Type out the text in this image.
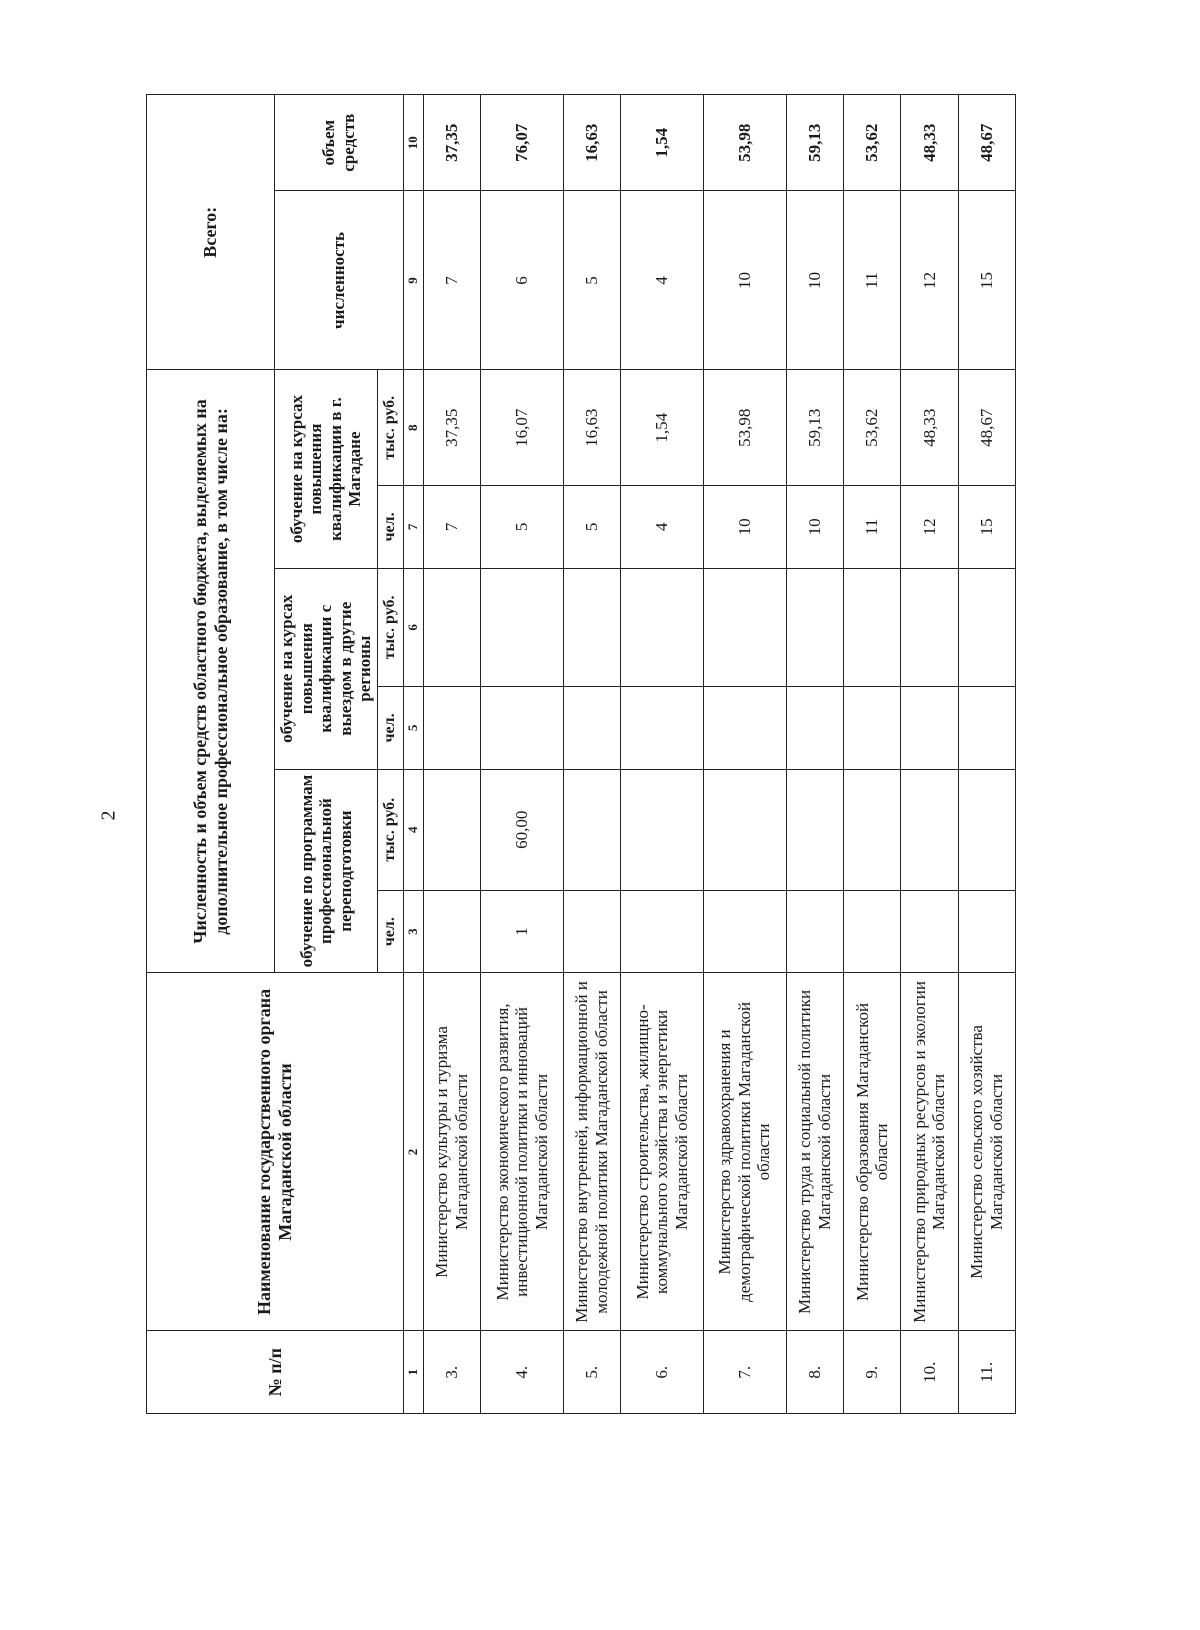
2
№ п/п	Наименование государственного органа Магаданской области	Численность и объем средств областного бюджета, выделяемых на дополнительное профессиональное образование, в том числе на:						Всего:	
		обучение по программам профессиональной переподготовки		обучение на курсах повышения квалификации с выездом в другие регионы		обучение на курсах повышения квалификации в г. Магадане		численность	объем средств
		чел.	тыс. руб.	чел.	тыс. руб.	чел.	тыс. руб.		
1	2	3	4	5	6	7	8	9	10
3.	Министерство культуры и туризма Магаданской области					7	37,35	7	37,35
4.	Министерство экономического развития, инвестиционной политики и инноваций Магаданской области	1	60,00			5	16,07	6	76,07
5.	Министерство внутренней, информационной и молодежной политики Магаданской области					5	16,63	5	16,63
6.	Министерство строительства, жилищно-коммунального хозяйства и энергетики Магаданской области					4	1,54	4	1,54
7.	Министерство здравоохранения и демографической политики Магаданской области					10	53,98	10	53,98
8.	Министерство труда и социальной политики Магаданской области					10	59,13	10	59,13
9.	Министерство образования Магаданской области					11	53,62	11	53,62
10.	Министерство природных ресурсов и экологии Магаданской области					12	48,33	12	48,33
11.	Министерство сельского хозяйства Магаданской области					15	48,67	15	48,67
